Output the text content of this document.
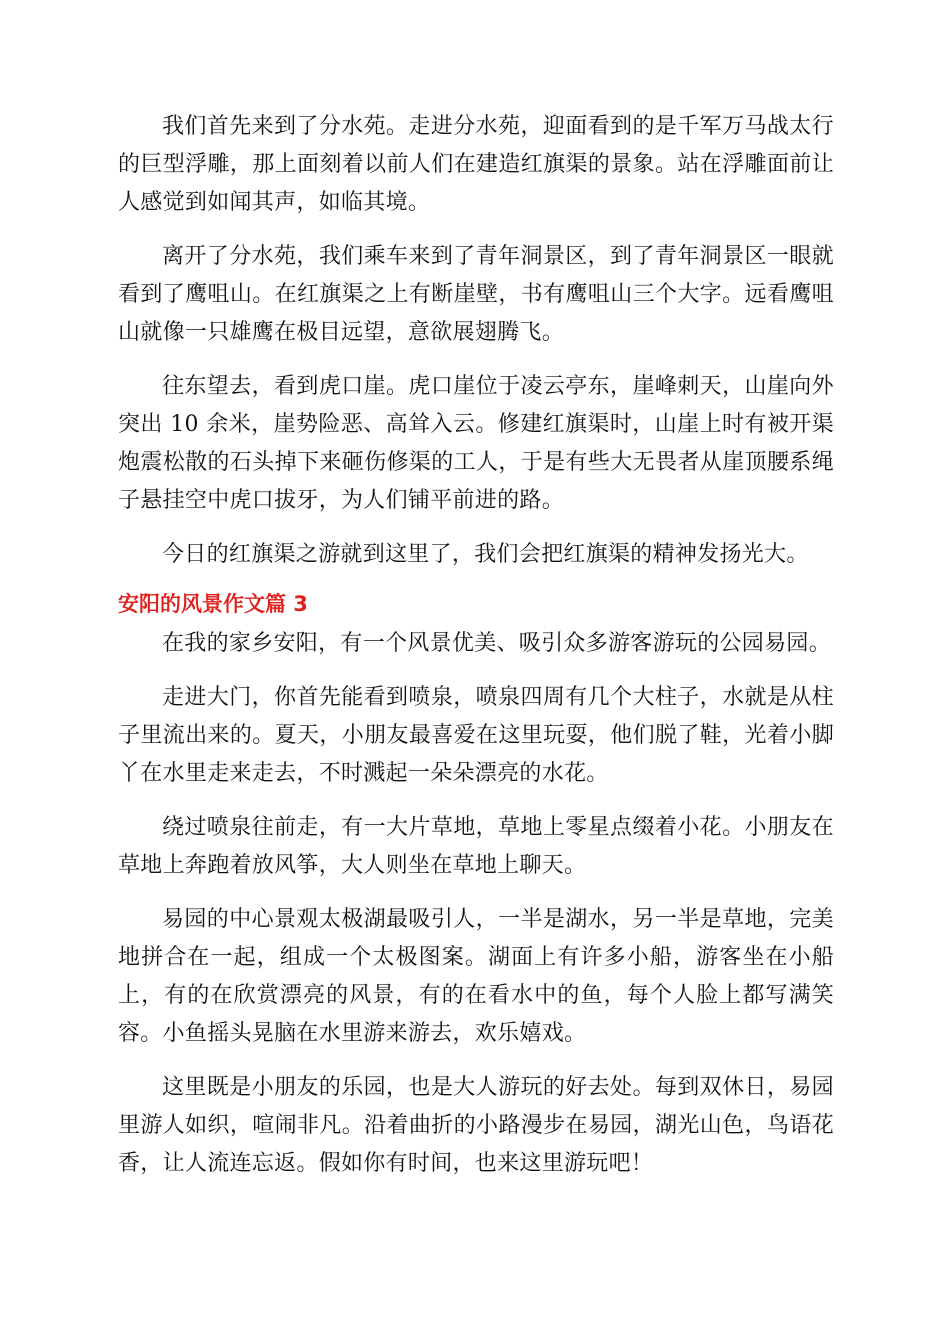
我们首先来到了分水苑。走进分水苑，迎面看到的是千军万马战太行的巨型浮雕，那上面刻着以前人们在建造红旗渠的景象。站在浮雕面前让人感觉到如闻其声，如临其境。

离开了分水苑，我们乘车来到了青年洞景区，到了青年洞景区一眼就看到了鹰咀山。在红旗渠之上有断崖壁，书有鹰咀山三个大字。远看鹰咀山就像一只雄鹰在极目远望，意欲展翅腾飞。

往东望去，看到虎口崖。虎口崖位于凌云亭东，崖峰刺天，山崖向外突出 10 余米，崖势险恶、高耸入云。修建红旗渠时，山崖上时有被开渠炮震松散的石头掉下来砸伤修渠的工人，于是有些大无畏者从崖顶腰系绳子悬挂空中虎口拔牙，为人们铺平前进的路。

今日的红旗渠之游就到这里了，我们会把红旗渠的精神发扬光大。

安阳的风景作文篇 3

在我的家乡安阳，有一个风景优美、吸引众多游客游玩的公园易园。

走进大门，你首先能看到喷泉，喷泉四周有几个大柱子，水就是从柱子里流出来的。夏天，小朋友最喜爱在这里玩耍，他们脱了鞋，光着小脚丫在水里走来走去，不时溅起一朵朵漂亮的水花。

绕过喷泉往前走，有一大片草地，草地上零星点缀着小花。小朋友在草地上奔跑着放风筝，大人则坐在草地上聊天。

易园的中心景观太极湖最吸引人，一半是湖水，另一半是草地，完美地拼合在一起，组成一个太极图案。湖面上有许多小船，游客坐在小船上，有的在欣赏漂亮的风景，有的在看水中的鱼，每个人脸上都写满笑容。小鱼摇头晃脑在水里游来游去，欢乐嬉戏。

这里既是小朋友的乐园，也是大人游玩的好去处。每到双休日，易园里游人如织，喧闹非凡。沿着曲折的小路漫步在易园，湖光山色，鸟语花香，让人流连忘返。假如你有时间，也来这里游玩吧！
